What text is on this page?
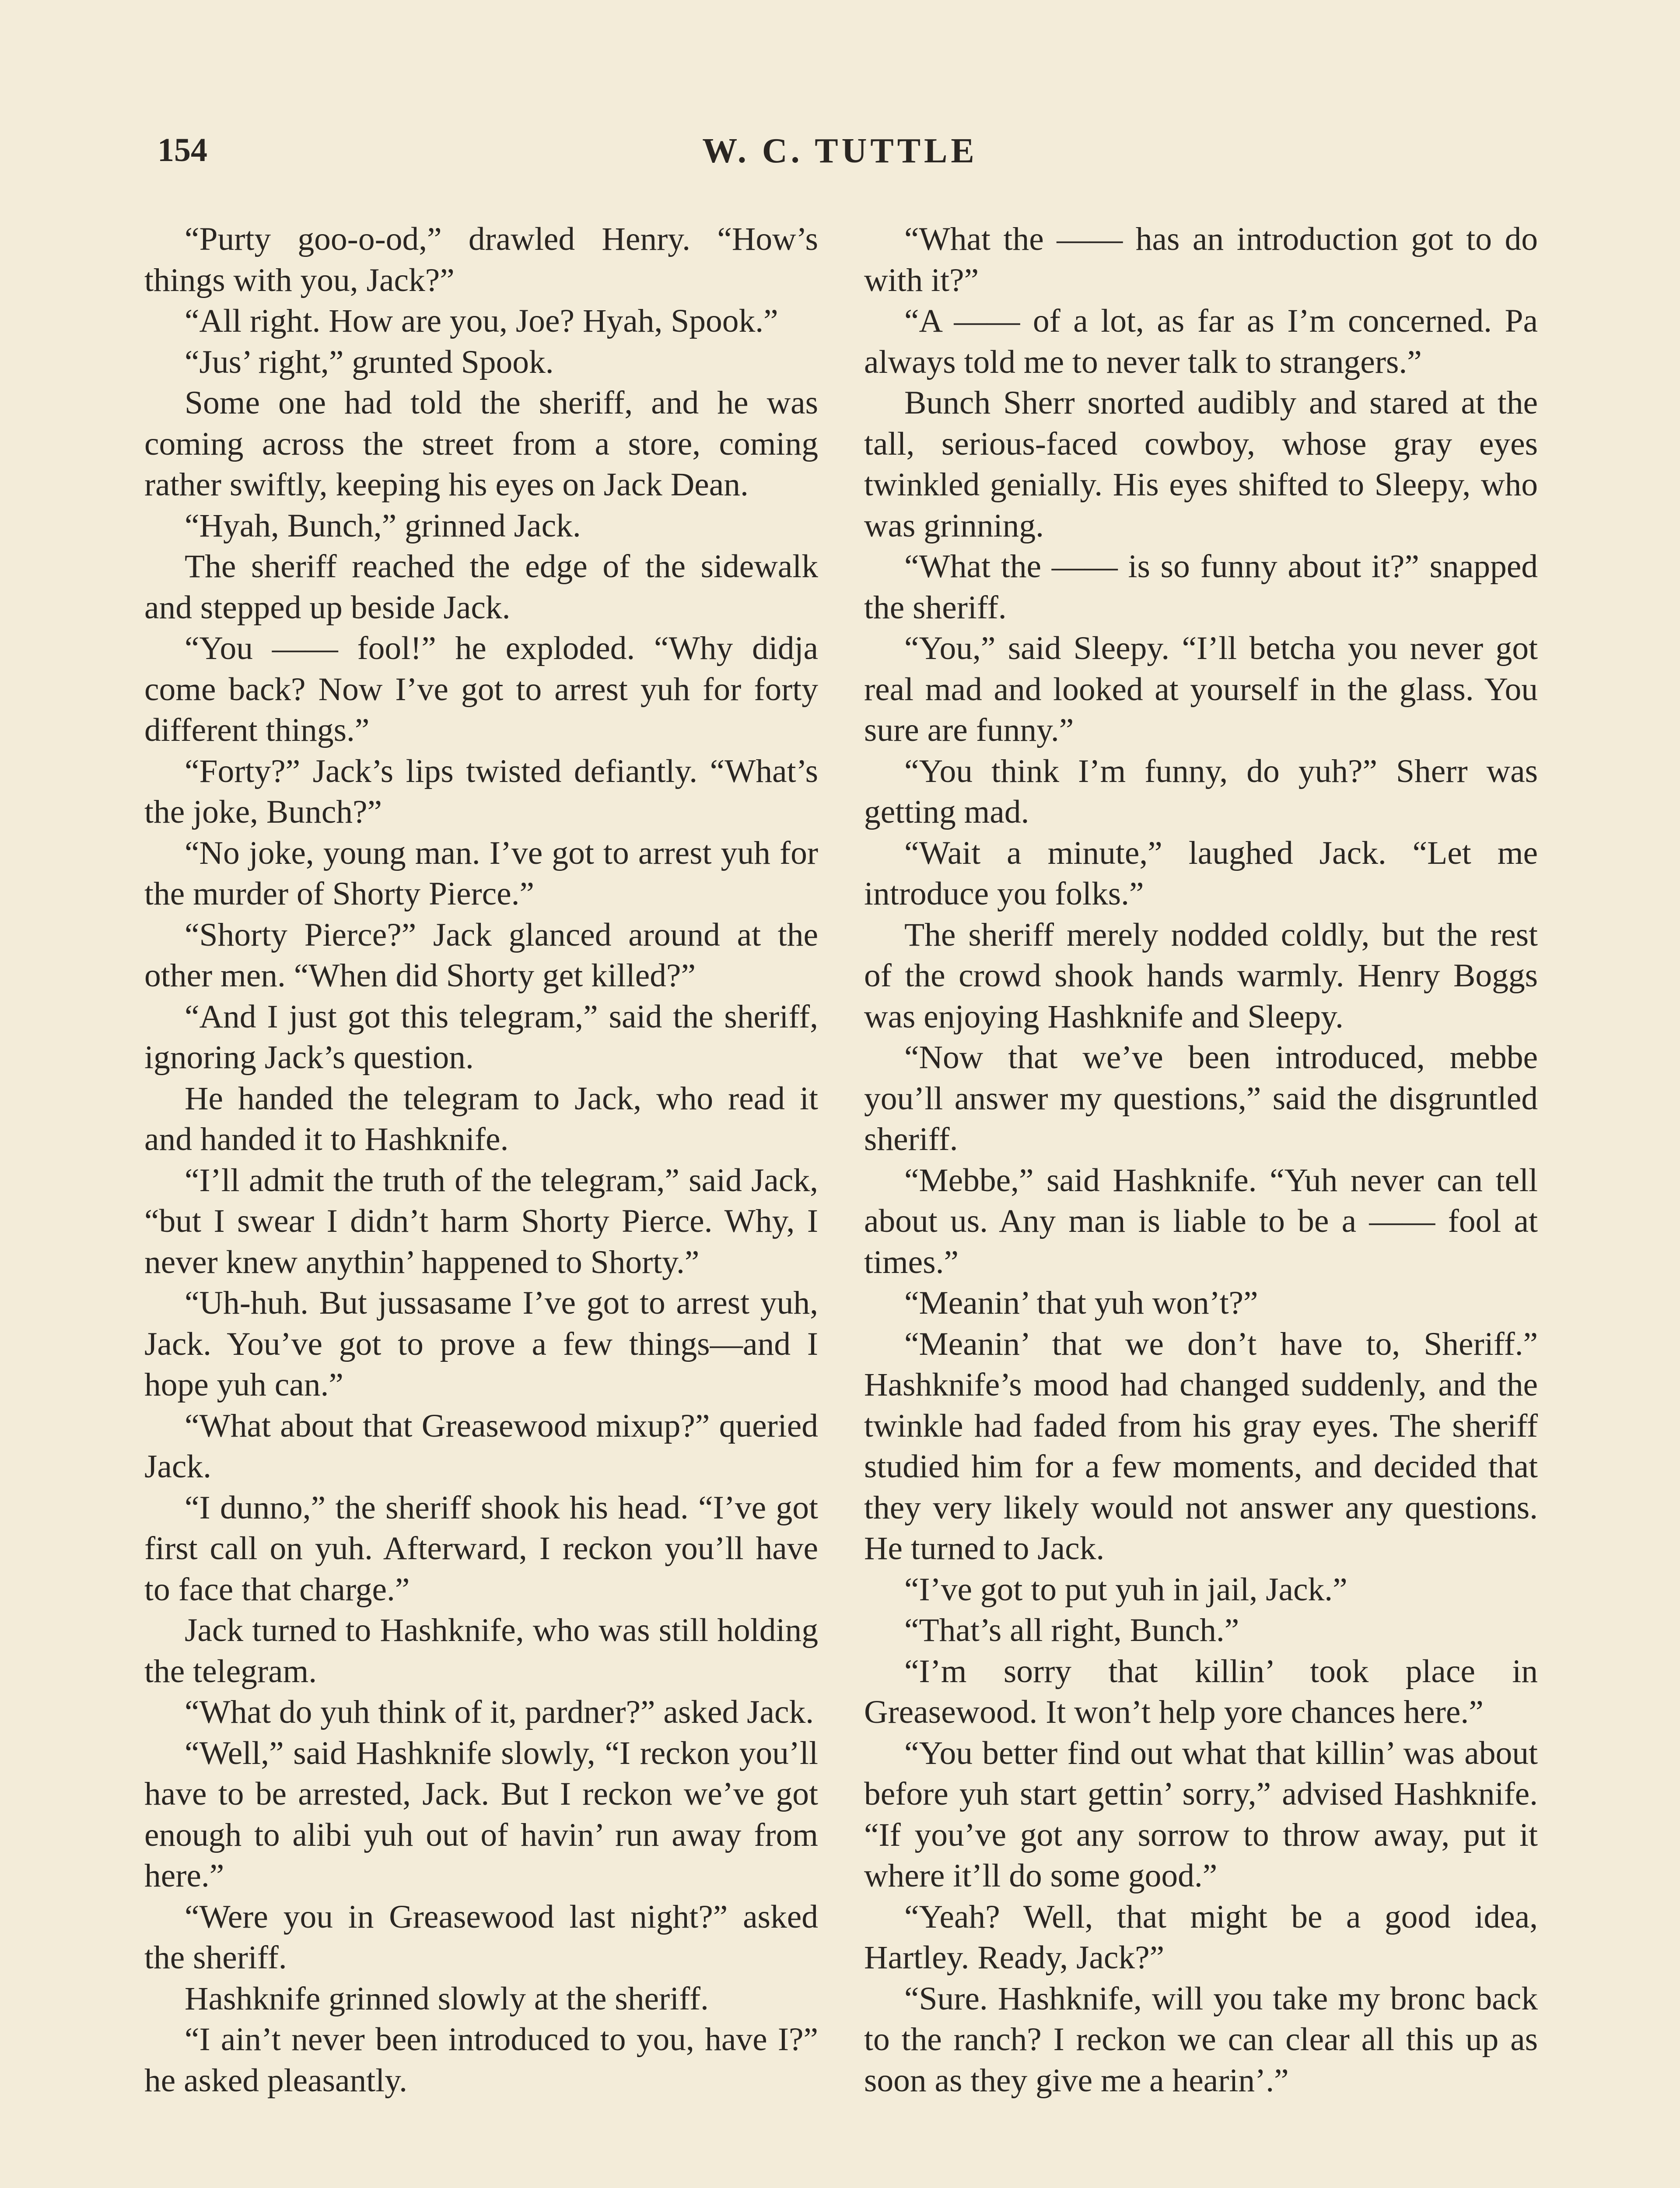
154	W. C. TUTTLE

“Purty goo-o-od,” drawled Henry. “How’s things with you, Jack?”

“All right. How are you, Joe? Hyah, Spook.”

“Jus’ right,” grunted Spook.

Some one had told the sheriff, and he was coming across the street from a store, coming rather swiftly, keeping his eyes on Jack Dean.

“Hyah, Bunch,” grinned Jack.

The sheriff reached the edge of the sidewalk and stepped up beside Jack.

“You —— fool!” he exploded. “Why didja come back? Now I’ve got to arrest yuh for forty different things.”

“Forty?” Jack’s lips twisted defiantly. “What’s the joke, Bunch?”

“No joke, young man. I’ve got to arrest yuh for the murder of Shorty Pierce.”

“Shorty Pierce?” Jack glanced around at the other men. “When did Shorty get killed?”

“And I just got this telegram,” said the sheriff, ignoring Jack’s question.

He handed the telegram to Jack, who read it and handed it to Hashknife.

“I’ll admit the truth of the telegram,” said Jack, “but I swear I didn’t harm Shorty Pierce. Why, I never knew anythin’ happened to Shorty.”

“Uh-huh. But jussasame I’ve got to arrest yuh, Jack. You’ve got to prove a few things—and I hope yuh can.”

“What about that Greasewood mixup?” queried Jack.

“I dunno,” the sheriff shook his head. “I’ve got first call on yuh. Afterward, I reckon you’ll have to face that charge.”

Jack turned to Hashknife, who was still holding the telegram.

“What do yuh think of it, pardner?” asked Jack.

“Well,” said Hashknife slowly, “I reckon you’ll have to be arrested, Jack. But I reckon we’ve got enough to alibi yuh out of havin’ run away from here.”

“Were you in Greasewood last night?” asked the sheriff.

Hashknife grinned slowly at the sheriff.

“I ain’t never been introduced to you, have I?” he asked pleasantly.

“What the —— has an introduction got to do with it?”

“A —— of a lot, as far as I’m concerned. Pa always told me to never talk to strangers.”

Bunch Sherr snorted audibly and stared at the tall, serious-faced cowboy, whose gray eyes twinkled genially. His eyes shifted to Sleepy, who was grinning.

“What the —— is so funny about it?” snapped the sheriff.

“You,” said Sleepy. “I’ll betcha you never got real mad and looked at yourself in the glass. You sure are funny.”

“You think I’m funny, do yuh?” Sherr was getting mad.

“Wait a minute,” laughed Jack. “Let me introduce you folks.”

The sheriff merely nodded coldly, but the rest of the crowd shook hands warmly. Henry Boggs was enjoying Hashknife and Sleepy.

“Now that we’ve been introduced, mebbe you’ll answer my questions,” said the disgruntled sheriff.

“Mebbe,” said Hashknife. “Yuh never can tell about us. Any man is liable to be a —— fool at times.”

“Meanin’ that yuh won’t?”

“Meanin’ that we don’t have to, Sheriff.” Hashknife’s mood had changed suddenly, and the twinkle had faded from his gray eyes. The sheriff studied him for a few moments, and decided that they very likely would not answer any questions. He turned to Jack.

“I’ve got to put yuh in jail, Jack.”

“That’s all right, Bunch.”

“I’m sorry that killin’ took place in Greasewood. It won’t help yore chances here.”

“You better find out what that killin’ was about before yuh start gettin’ sorry,” advised Hashknife. “If you’ve got any sorrow to throw away, put it where it’ll do some good.”

“Yeah? Well, that might be a good idea, Hartley. Ready, Jack?”

“Sure. Hashknife, will you take my bronc back to the ranch? I reckon we can clear all this up as soon as they give me a hearin’.”
